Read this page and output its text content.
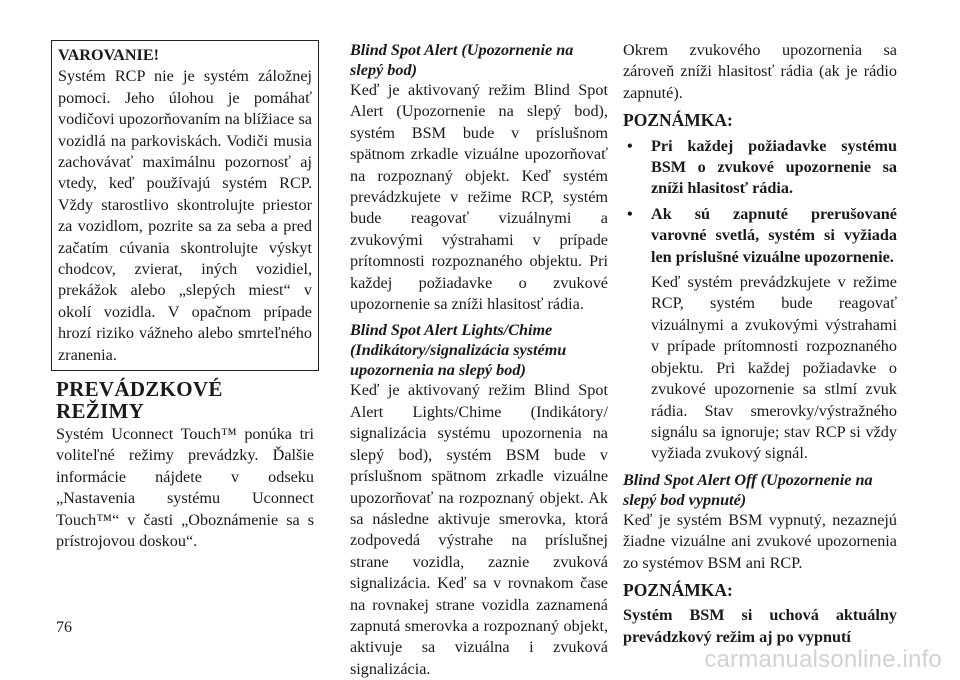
VAROVANIE!

Systém RCP nie je systém záložnej pomoci. Jeho úlohou je pomáhať vodičovi upozorňovaním na blížiace sa vozidlá na parkoviskách. Vodiči musia zachovávať maximálnu pozornosť aj vtedy, keď používajú systém RCP. Vždy starostlivo skontrolujte priestor za vozidlom, pozrite sa za seba a pred začatím cúvania skontrolujte výskyt chodcov, zvierat, iných vozidiel, prekážok alebo „slepých miest“ v okolí vozidla. V opačnom prípade hrozí riziko vážneho alebo smrteľného zranenia.

PREVÁDZKOVÉ REŽIMY

Systém Uconnect Touch™ ponúka tri voliteľné režimy prevádzky. Ďalšie informácie nájdete v odseku „Nastavenia systému Uconnect Touch™“ v časti „Oboznámenie sa s prístrojovou doskou“.

Blind Spot Alert (Upozornenie na slepý bod)

Keď je aktivovaný režim Blind Spot Alert (Upozornenie na slepý bod), systém BSM bude v príslušnom spätnom zrkadle vizuálne upozorňovať na rozpoznaný objekt. Keď systém prevádzkujete v režime RCP, systém bude reagovať vizuálnymi a zvukovými výstrahami v prípade prítomnosti rozpoznaného objektu. Pri každej požiadavke o zvukové upozornenie sa zníži hlasitosť rádia.

Blind Spot Alert Lights/Chime (Indikátory/signalizácia systému upozornenia na slepý bod)

Keď je aktivovaný režim Blind Spot Alert Lights/Chime (Indikátory/ signalizácia systému upozornenia na slepý bod), systém BSM bude v príslušnom spätnom zrkadle vizuálne upozorňovať na rozpoznaný objekt. Ak sa následne aktivuje smerovka, ktorá zodpovedá výstrahe na príslušnej strane vozidla, zaznie zvuková signalizácia. Keď sa v rovnakom čase na rovnakej strane vozidla zaznamená zapnutá smerovka a rozpoznaný objekt, aktivuje sa vizuálna i zvuková signalizácia.

Okrem zvukového upozornenia sa zároveň zníži hlasitosť rádia (ak je rádio zapnuté).

POZNÁMKA:

• Pri každej požiadavke systému BSM o zvukové upozornenie sa zníži hlasitosť rádia.
• Ak sú zapnuté prerušované varovné svetlá, systém si vyžiada len príslušné vizuálne upozornenie.

Keď systém prevádzkujete v režime RCP, systém bude reagovať vizuálnymi a zvukovými výstrahami v prípade prítomnosti rozpoznaného objektu. Pri každej požiadavke o zvukové upozornenie sa stlmí zvuk rádia. Stav smerovky/výstražného signálu sa ignoruje; stav RCP si vždy vyžiada zvukový signál.

Blind Spot Alert Off (Upozornenie na slepý bod vypnuté)

Keď je systém BSM vypnutý, nezaznejú žiadne vizuálne ani zvukové upozornenia zo systémov BSM ani RCP.

POZNÁMKA:

Systém BSM si uchová aktuálny prevádzkový režim aj po vypnutí

76
carmanualsonline.info
